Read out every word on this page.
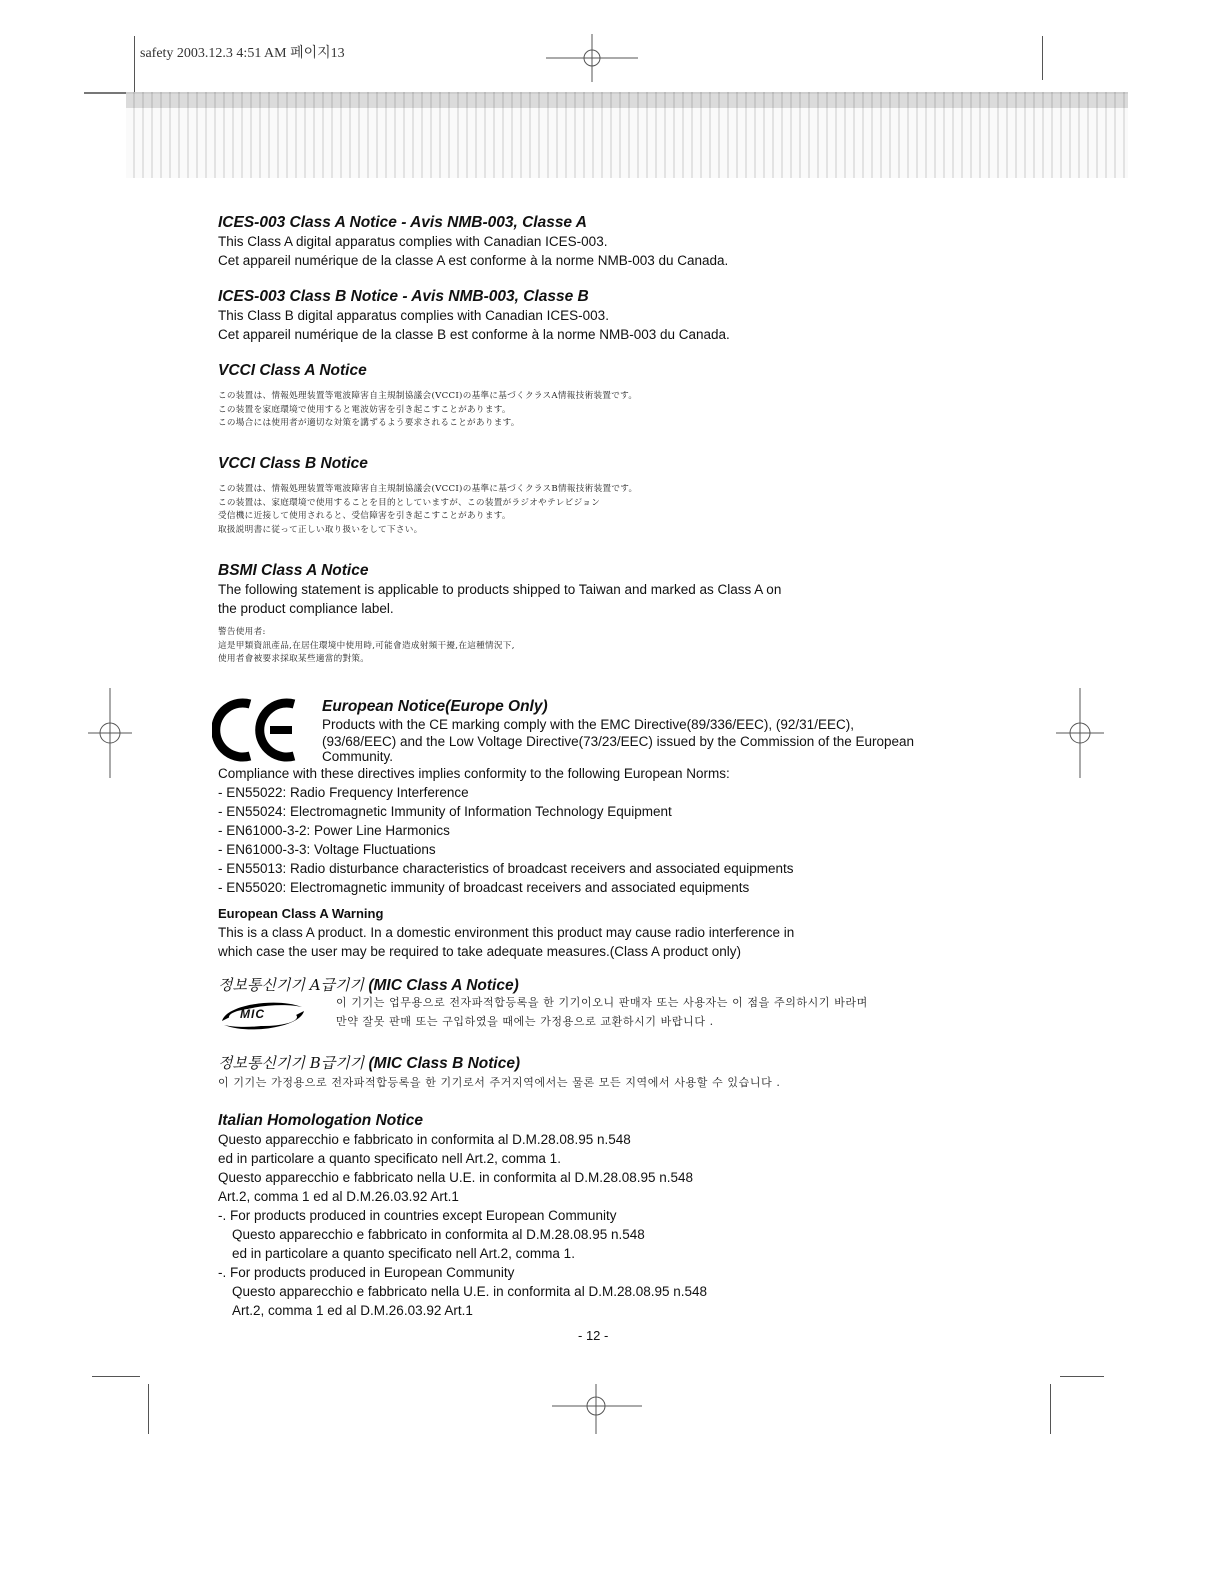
safety 2003.12.3 4:51 AM 페이지13
ICES-003 Class A Notice - Avis NMB-003, Classe A

This Class A digital apparatus complies with Canadian ICES-003.

Cet appareil numérique de la classe A est conforme à la norme NMB-003 du Canada.

ICES-003 Class B Notice - Avis NMB-003, Classe B

This Class B digital apparatus complies with Canadian ICES-003.

Cet appareil numérique de la classe B est conforme à la norme NMB-003 du Canada.

VCCI Class A Notice

この装置は、情報処理装置等電波障害自主規制協議会(VCCI)の基準に基づくクラスA情報技術装置です。

この装置を家庭環境で使用すると電波妨害を引き起こすことがあります。

この場合には使用者が適切な対策を講ずるよう要求されることがあります。

VCCI Class B Notice

この装置は、情報処理装置等電波障害自主規制協議会(VCCI)の基準に基づくクラスB情報技術装置です。

この装置は、家庭環境で使用することを目的としていますが、この装置がラジオやテレビジョン

受信機に近接して使用されると、受信障害を引き起こすことがあります。

取扱説明書に従って正しい取り扱いをして下さい。

BSMI Class A Notice

The following statement is applicable to products shipped to Taiwan and marked as Class A on

the product compliance label.

警告使用者:

這是甲類資訊產品,在居住環境中使用時,可能會造成射頻干擾,在這種情況下,

使用者會被要求採取某些適當的對策。

European Notice(Europe Only)

Products with the CE marking comply with the EMC Directive(89/336/EEC), (92/31/EEC),

(93/68/EEC) and the Low Voltage Directive(73/23/EEC) issued by the Commission of the European

Community.

Compliance with these directives implies conformity to the following European Norms:

- EN55022: Radio Frequency Interference

- EN55024: Electromagnetic Immunity of Information Technology Equipment

- EN61000-3-2: Power Line Harmonics

- EN61000-3-3: Voltage Fluctuations

- EN55013: Radio disturbance characteristics of broadcast receivers and associated equipments

- EN55020: Electromagnetic immunity of broadcast receivers and associated equipments

European Class A Warning

This is a class A product. In a domestic environment this product may cause radio interference in

which case the user may be required to take adequate measures.(Class A product only)

정보통신기기 A급기기 (MIC Class A Notice)
MIC

이 기기는 업무용으로 전자파적합등록을 한 기기이오니 판매자 또는 사용자는 이 점을 주의하시기 바라며

만약 잘못 판매 또는 구입하였을 때에는 가정용으로 교환하시기 바랍니다 .

정보통신기기 B급기기 (MIC Class B Notice)

이 기기는 가정용으로 전자파적합등록을 한 기기로서 주거지역에서는 물론 모든 지역에서 사용할 수 있습니다 .

Italian Homologation Notice

Questo apparecchio e fabbricato in conformita al D.M.28.08.95 n.548

ed in particolare a quanto specificato nell Art.2, comma 1.

Questo apparecchio e fabbricato nella U.E. in conformita al D.M.28.08.95 n.548

Art.2, comma 1 ed al D.M.26.03.92 Art.1

-. For products produced in countries except European Community

Questo apparecchio e fabbricato in conformita al D.M.28.08.95 n.548

ed in particolare a quanto specificato nell Art.2, comma 1.

-. For products produced in European Community

Questo apparecchio e fabbricato nella U.E. in conformita al D.M.28.08.95 n.548

Art.2, comma 1 ed al D.M.26.03.92 Art.1

- 12 -
